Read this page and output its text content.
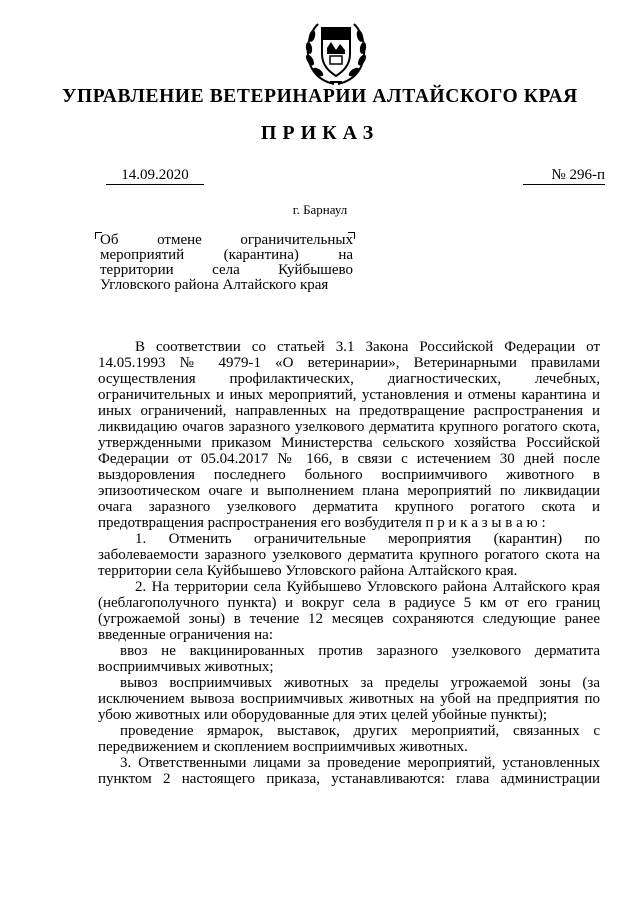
УПРАВЛЕНИЕ ВЕТЕРИНАРИИ АЛТАЙСКОГО КРАЯ
ПРИКАЗ
14.09.2020	№ 296-п
г. Барнаул
Об отмене ограничительных мероприятий (карантина) на территории села Куйбышево Угловского района Алтайского края

В соответствии со статьей 3.1 Закона Российской Федерации от 14.05.1993 № 4979-1 «О ветеринарии», Ветеринарными правилами осуществления профилактических, диагностических, лечебных, ограничительных и иных мероприятий, установления и отмены карантина и иных ограничений, направленных на предотвращение распространения и ликвидацию очагов заразного узелкового дерматита крупного рогатого скота, утвержденными приказом Министерства сельского хозяйства Российской Федерации от 05.04.2017 № 166, в связи с истечением 30 дней после выздоровления последнего больного восприимчивого животного в эпизоотическом очаге и выполнением плана мероприятий по ликвидации очага заразного узелкового дерматита крупного рогатого скота и предотвращения распространения его возбудителя п р и к а з ы в а ю :

1. Отменить ограничительные мероприятия (карантин) по заболеваемости заразного узелкового дерматита крупного рогатого скота на территории села Куйбышево Угловского района Алтайского края.

2. На территории села Куйбышево Угловского района Алтайского края (неблагополучного пункта) и вокруг села в радиусе 5 км от его границ (угрожаемой зоны) в течение 12 месяцев сохраняются следующие ранее введенные ограничения на:

ввоз не вакцинированных против заразного узелкового дерматита восприимчивых животных;

вывоз восприимчивых животных за пределы угрожаемой зоны (за исключением вывоза восприимчивых животных на убой на предприятия по убою животных или оборудованные для этих целей убойные пункты);

проведение ярмарок, выставок, других мероприятий, связанных с передвижением и скоплением восприимчивых животных.

3. Ответственными лицами за проведение мероприятий, установленных пунктом 2 настоящего приказа, устанавливаются: глава администрации
